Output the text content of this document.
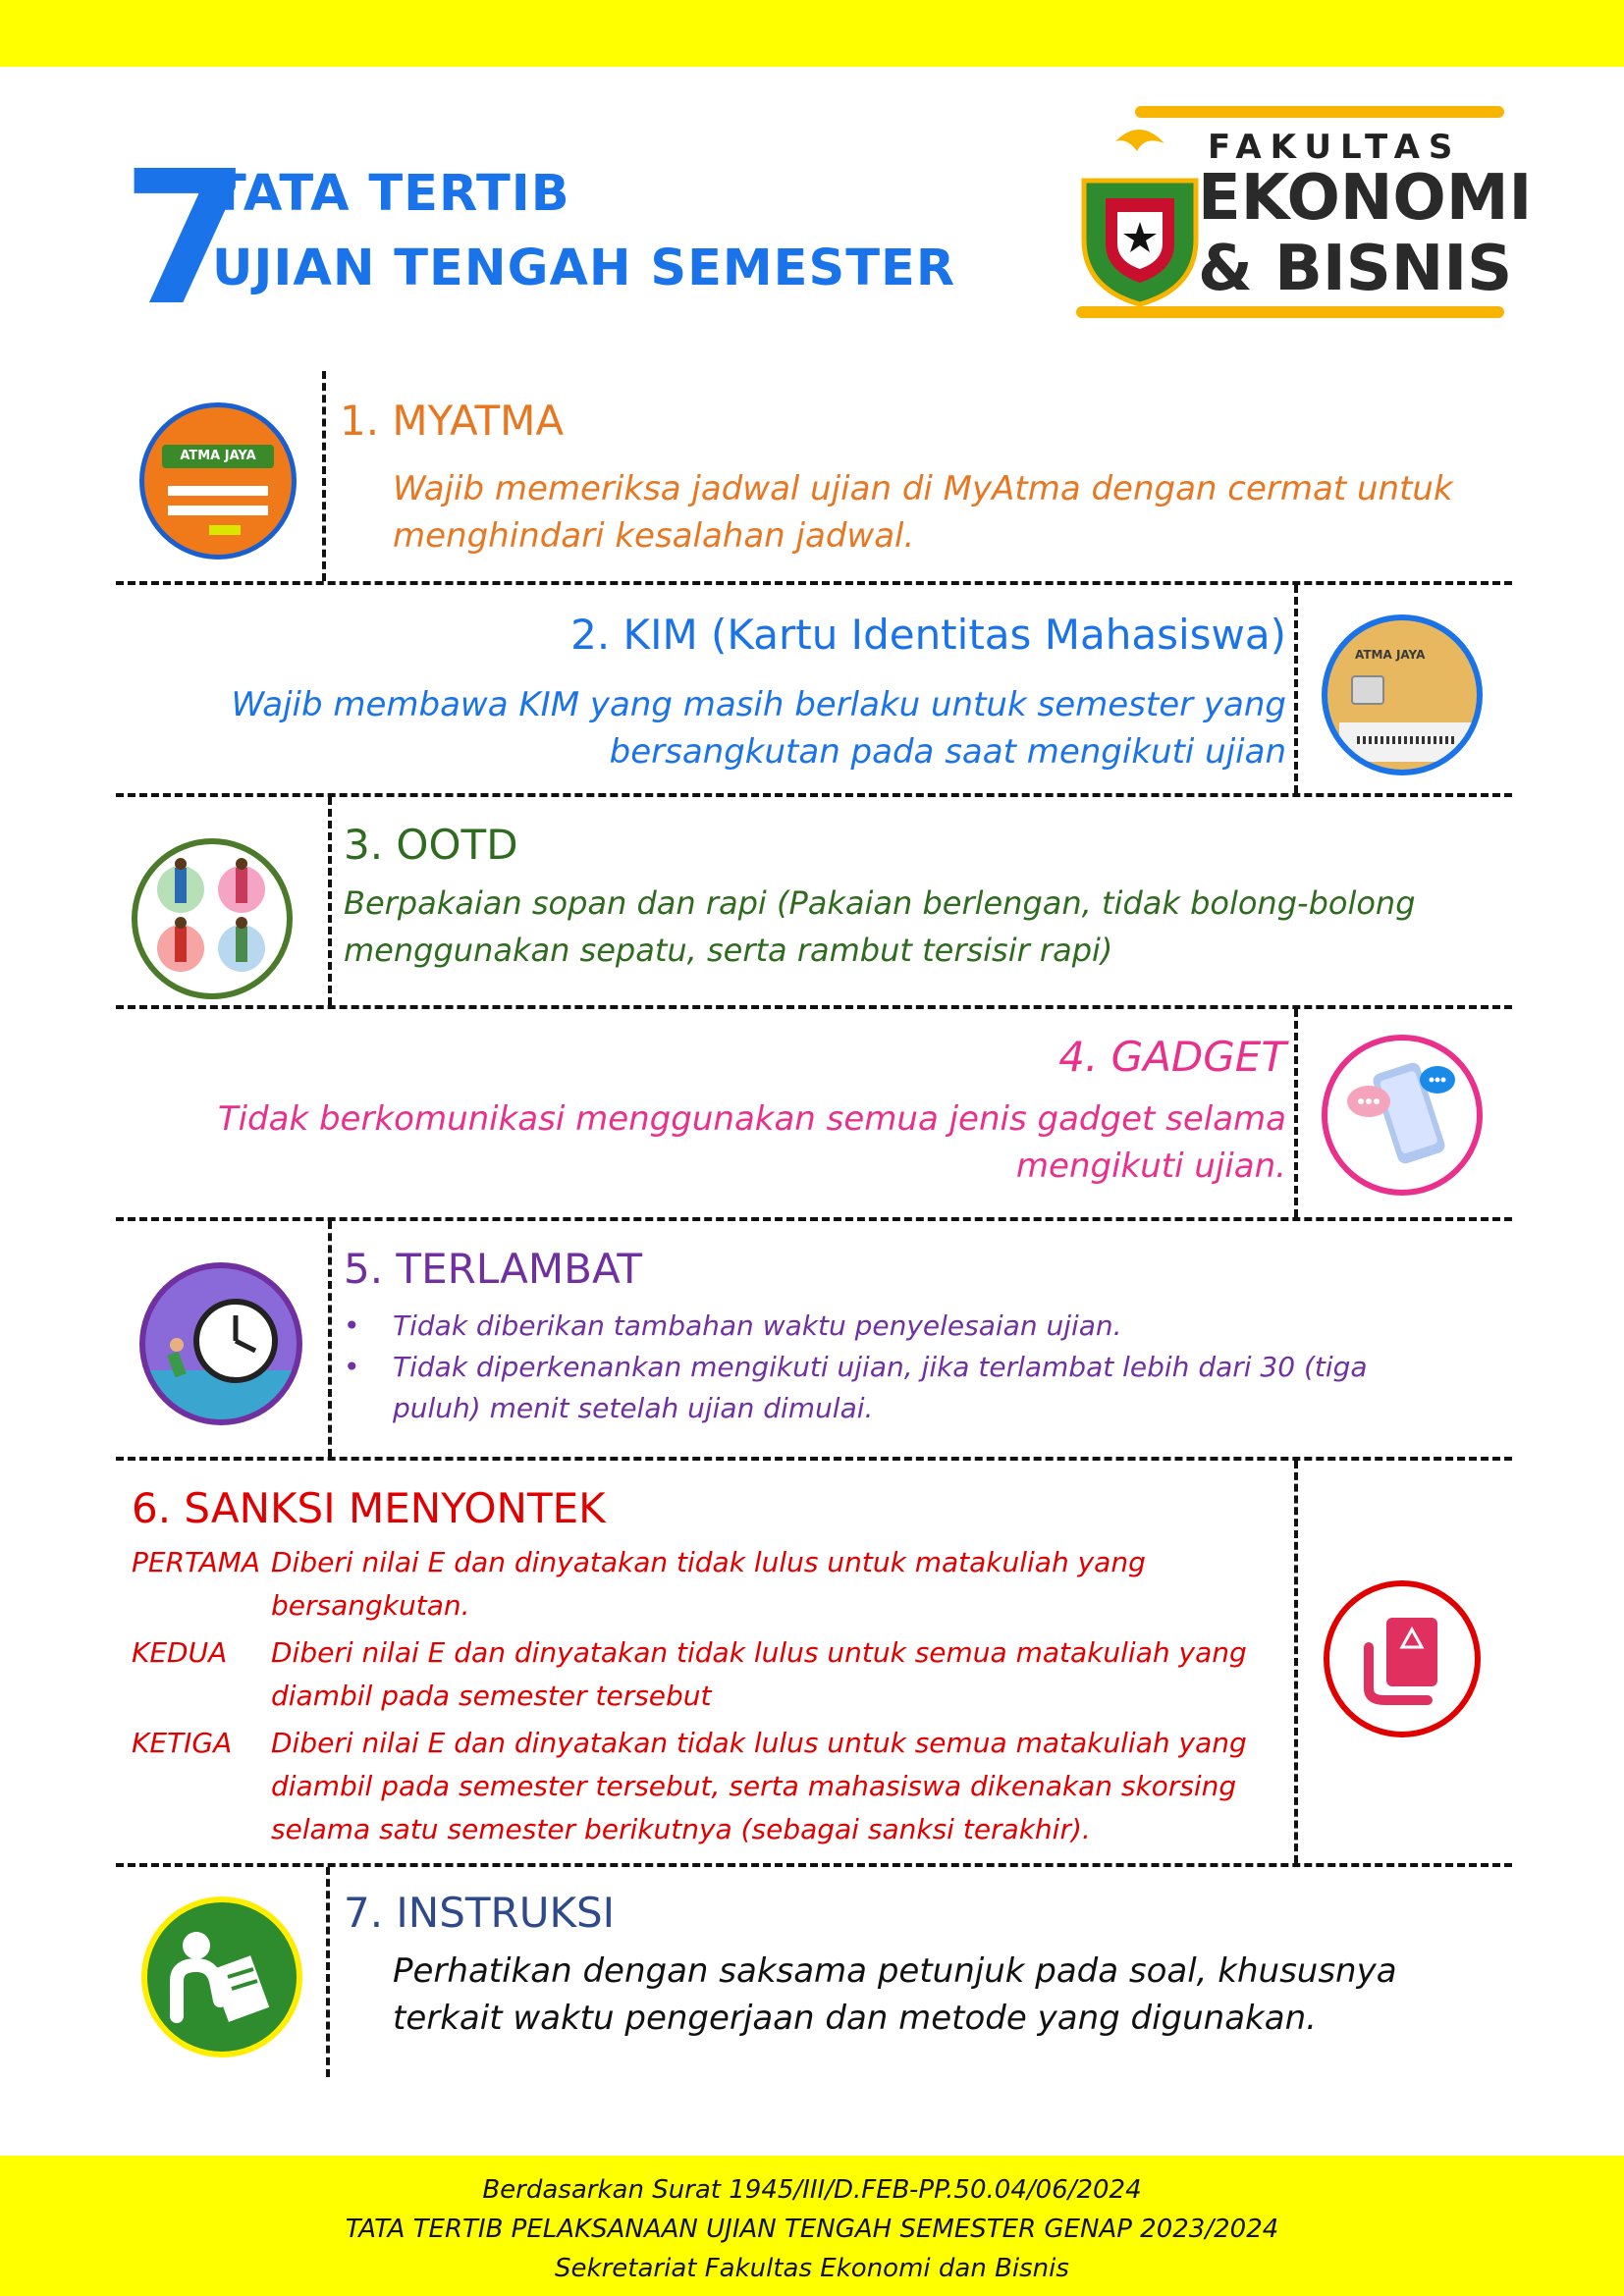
7
TATA TERTIB
UJIAN TENGAH SEMESTER
FAKULTAS
EKONOMI
& BISNIS
ATMA JAYA
1. MYATMA
Wajib memeriksa jadwal ujian di MyAtma dengan cermat untuk menghindari kesalahan jadwal.
2. KIM (Kartu Identitas Mahasiswa)
Wajib membawa KIM yang masih berlaku untuk semester yang bersangkutan pada saat mengikuti ujian
ATMA JAYA
3. OOTD
Berpakaian sopan dan rapi (Pakaian berlengan, tidak bolong-bolong menggunakan sepatu, serta rambut tersisir rapi)
4. GADGET
Tidak berkomunikasi menggunakan semua jenis gadget selama mengikuti ujian.
5. TERLAMBAT
• Tidak diberikan tambahan waktu penyelesaian ujian.
• Tidak diperkenankan mengikuti ujian, jika terlambat lebih dari 30 (tiga puluh) menit setelah ujian dimulai.
6. SANKSI MENYONTEK
PERTAMA Diberi nilai E dan dinyatakan tidak lulus untuk matakuliah yang bersangkutan.
KEDUA	Diberi nilai E dan dinyatakan tidak lulus untuk semua matakuliah yang diambil pada semester tersebut
KETIGA	Diberi nilai E dan dinyatakan tidak lulus untuk semua matakuliah yang diambil pada semester tersebut, serta mahasiswa dikenakan skorsing selama satu semester berikutnya (sebagai sanksi terakhir).
7. INSTRUKSI
Perhatikan dengan saksama petunjuk pada soal, khususnya terkait waktu pengerjaan dan metode yang digunakan.
Berdasarkan Surat 1945/III/D.FEB-PP.50.04/06/2024
TATA TERTIB PELAKSANAAN UJIAN TENGAH SEMESTER GENAP 2023/2024
Sekretariat Fakultas Ekonomi dan Bisnis
